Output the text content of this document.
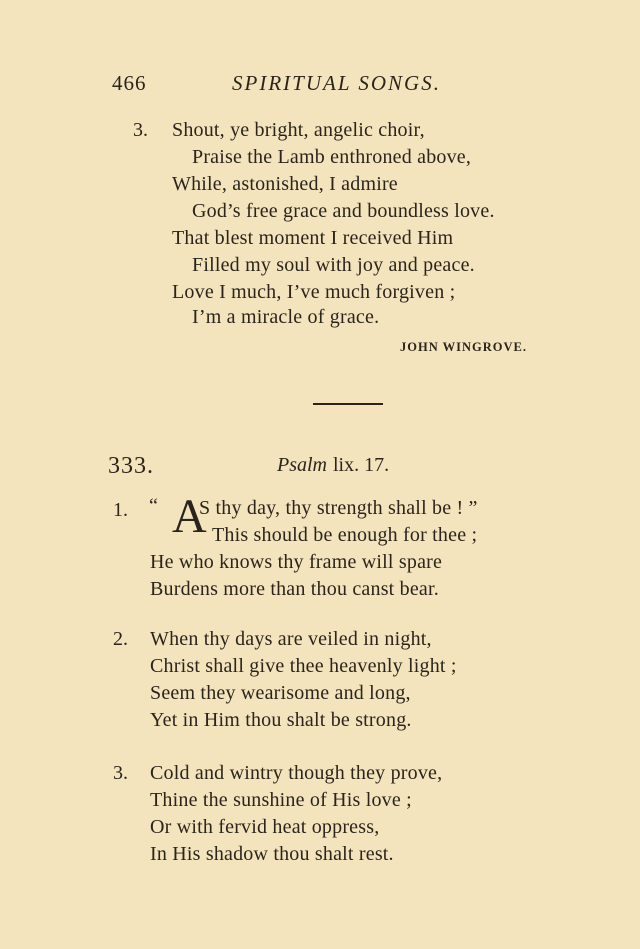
466	SPIRITUAL SONGS.
3. Shout, ye bright, angelic choir,
Praise the Lamb enthroned above,
While, astonished, I admire
God’s free grace and boundless love.
That blest moment I received Him
Filled my soul with joy and peace.
Love I much, I’ve much forgiven ;
I’m a miracle of grace.
JOHN WINGROVE.
333.	Psalm lix. 17.
1. “ A
S thy day, thy strength shall be ! ”
This should be enough for thee ;
He who knows thy frame will spare
Burdens more than thou canst bear.
2. When thy days are veiled in night,
Christ shall give thee heavenly light ;
Seem they wearisome and long,
Yet in Him thou shalt be strong.
3. Cold and wintry though they prove,
Thine the sunshine of His love ;
Or with fervid heat oppress,
In His shadow thou shalt rest.
